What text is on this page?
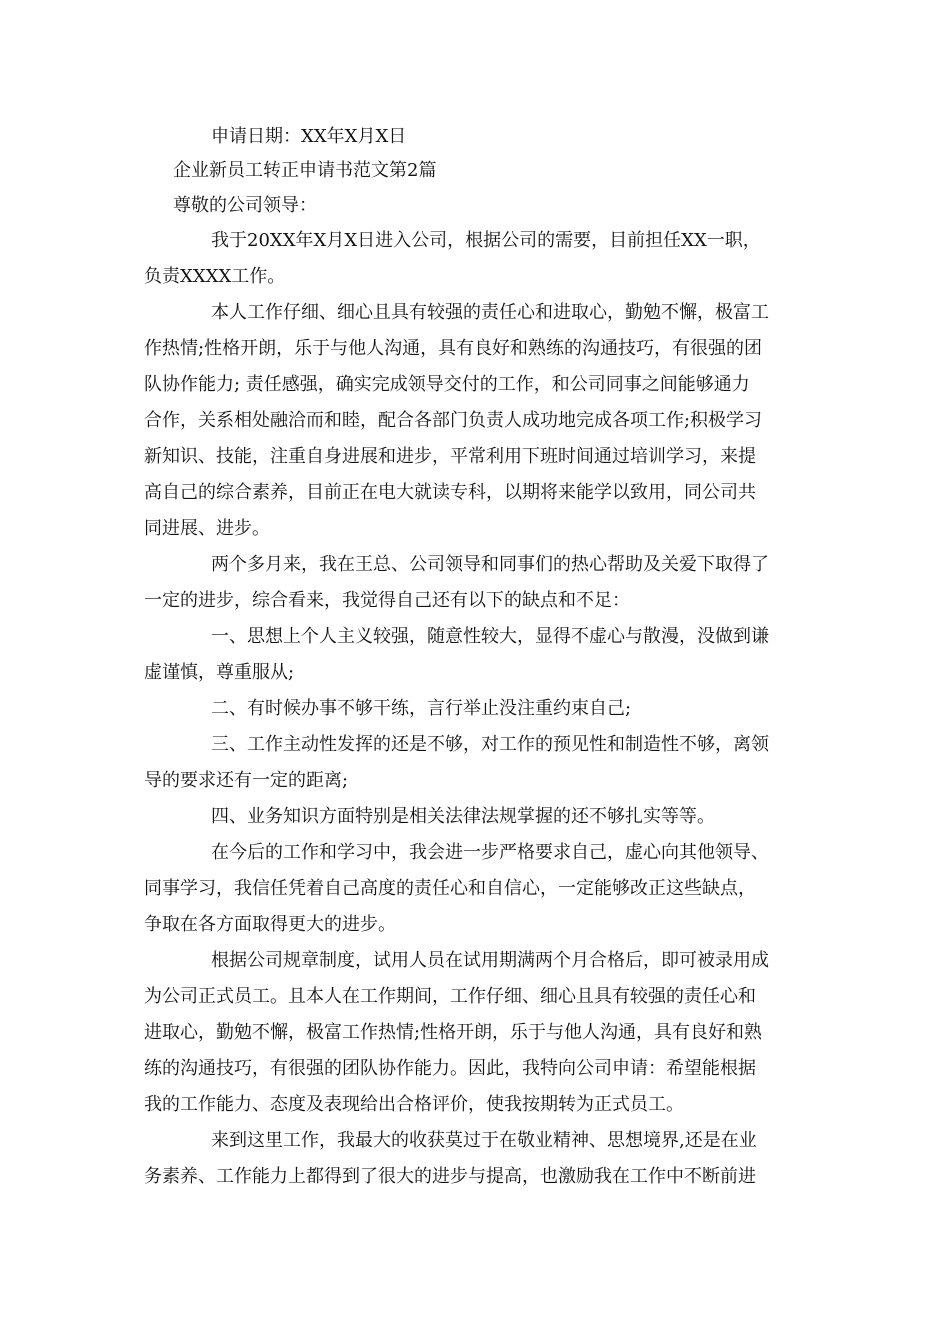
申请日期：XX年X月X日
企业新员工转正申请书范文第2篇
尊敬的公司领导：
我于20XX年X月X日进入公司，根据公司的需要，目前担任XX一职，
负责XXXX工作。
本人工作仔细、细心且具有较强的责任心和进取心，勤勉不懈，极富工
作热情;性格开朗，乐于与他人沟通，具有良好和熟练的沟通技巧，有很强的团
队协作能力; 责任感强，确实完成领导交付的工作，和公司同事之间能够通力
合作，关系相处融洽而和睦，配合各部门负责人成功地完成各项工作;积极学习
新知识、技能，注重自身进展和进步，平常利用下班时间通过培训学习，来提
高自己的综合素养，目前正在电大就读专科，以期将来能学以致用，同公司共
同进展、进步。
两个多月来，我在王总、公司领导和同事们的热心帮助及关爱下取得了
一定的进步，综合看来，我觉得自己还有以下的缺点和不足：
一、思想上个人主义较强，随意性较大，显得不虚心与散漫，没做到谦
虚谨慎，尊重服从;
二、有时候办事不够干练，言行举止没注重约束自己;
三、工作主动性发挥的还是不够，对工作的预见性和制造性不够，离领
导的要求还有一定的距离;
四、业务知识方面特别是相关法律法规掌握的还不够扎实等等。
在今后的工作和学习中，我会进一步严格要求自己，虚心向其他领导、
同事学习，我信任凭着自己高度的责任心和自信心，一定能够改正这些缺点，
争取在各方面取得更大的进步。
根据公司规章制度，试用人员在试用期满两个月合格后，即可被录用成
为公司正式员工。且本人在工作期间，工作仔细、细心且具有较强的责任心和
进取心，勤勉不懈，极富工作热情;性格开朗，乐于与他人沟通，具有良好和熟
练的沟通技巧，有很强的团队协作能力。因此，我特向公司申请：希望能根据
我的工作能力、态度及表现给出合格评价，使我按期转为正式员工。
来到这里工作，我最大的收获莫过于在敬业精神、思想境界,还是在业
务素养、工作能力上都得到了很大的进步与提高，也激励我在工作中不断前进
